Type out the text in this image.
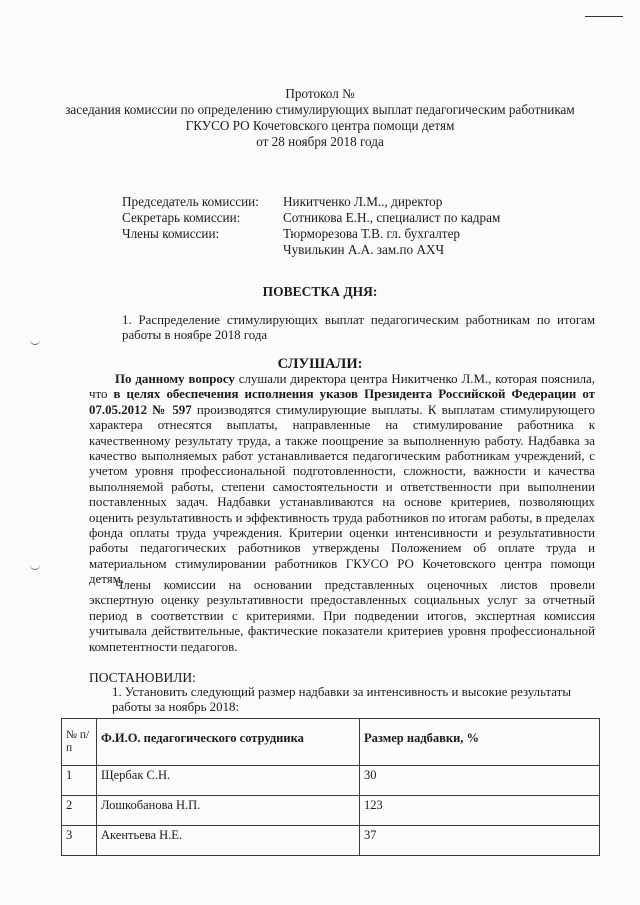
Протокол №
заседания комиссии по определению стимулирующих выплат педагогическим работникам
ГКУСО РО Кочетовского центра помощи детям
от 28 ноября 2018 года
Председатель комиссии: Никитченко Л.М.., директор
Секретарь комиссии:	Сотникова Е.Н., специалист по кадрам
Члены комиссии:	Тюрморезова Т.В. гл. бухгалтер
Чувилькин А.А. зам.по АХЧ
ПОВЕСТКА ДНЯ:
1. Распределение стимулирующих выплат педагогическим работникам по итогам работы в ноябре 2018 года
СЛУШАЛИ:
По данному вопросу слушали директора центра Никитченко Л.М., которая пояснила, что в целях обеспечения исполнения указов Президента Российской Федерации от 07.05.2012 № 597 производятся стимулирующие выплаты. К выплатам стимулирующего характера отнесятся выплаты, направленные на стимулирование работника к качественному результату труда, а также поощрение за выполненную работу. Надбавка за качество выполняемых работ устанавливается педагогическим работникам учреждений, с учетом уровня профессиональной подготовленности, сложности, важности и качества выполняемой работы, степени самостоятельности и ответственности при выполнении поставленных задач. Надбавки устанавливаются на основе критериев, позволяющих оценить результативность и эффективность труда работников по итогам работы, в пределах фонда оплаты труда учреждения. Критерии оценки интенсивности и результативности работы педагогических работников утверждены Положением об оплате труда и материальном стимулировании работников ГКУСО РО Кочетовского центра помощи детям.
Члены комиссии на основании представленных оценочных листов провели экспертную оценку результативности предоставленных социальных услуг за отчетный период в соответствии с критериями. При подведении итогов, экспертная комиссия учитывала действительные, фактические показатели критериев уровня профессиональной компетентности педагогов.
ПОСТАНОВИЛИ:
1. Установить следующий размер надбавки за интенсивность и высокие результаты работы за ноябрь 2018:
№ п/п	Ф.И.О. педагогического сотрудника	Размер надбавки, %
1	Щербак С.Н.	30
2	Лошкобанова Н.П.	123
3	Акентьева Н.Е.	37
